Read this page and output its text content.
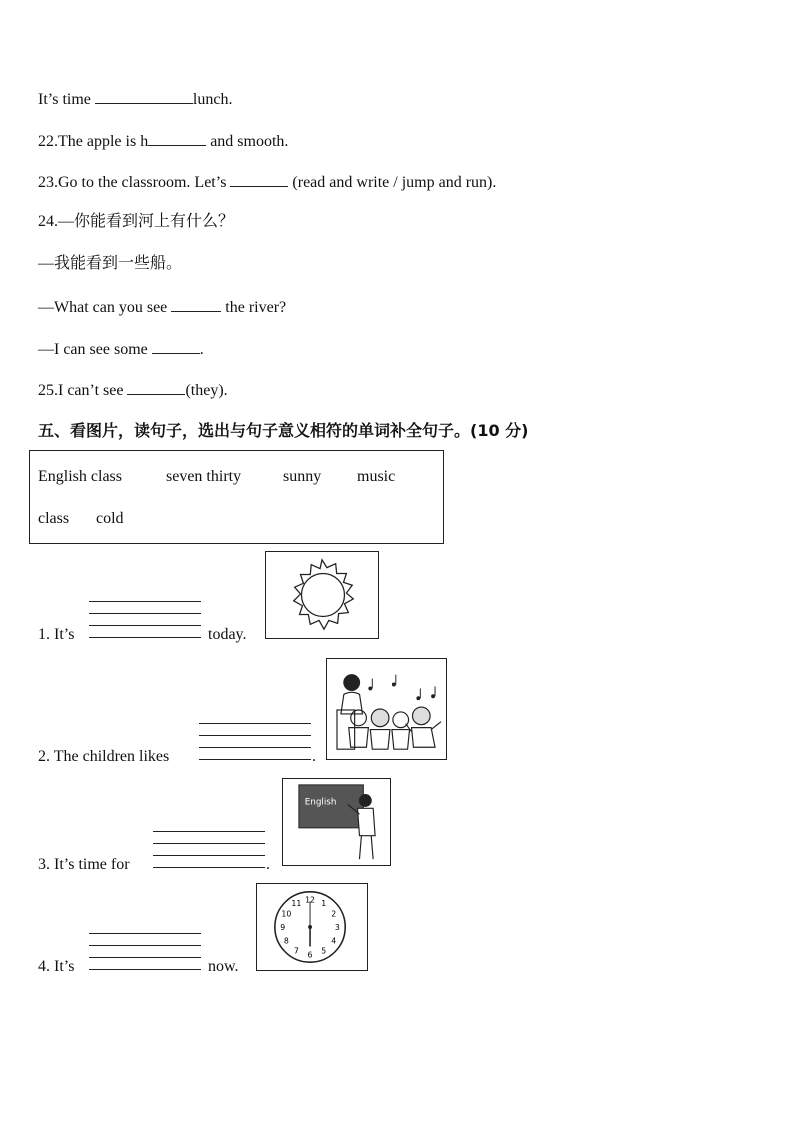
It’s time	lunch.
22.The apple is h	and smooth.
23.Go to the classroom. Let’s	(read and write / jump and run).
24.—你能看到河上有什么？
—我能看到一些船。
—What can you see	the river?
—I can see some	.
25.I can’t see	(they).
五、看图片，读句子，选出与句子意义相符的单词补全句子。(10 分)
English class	seven thirty	sunny music
class cold
1. It’s	today.
2. The children likes	.
3. It’s time for	.
English
4. It’s	now.
12 1
2
3
4
5
6
7
8
9
10
11
